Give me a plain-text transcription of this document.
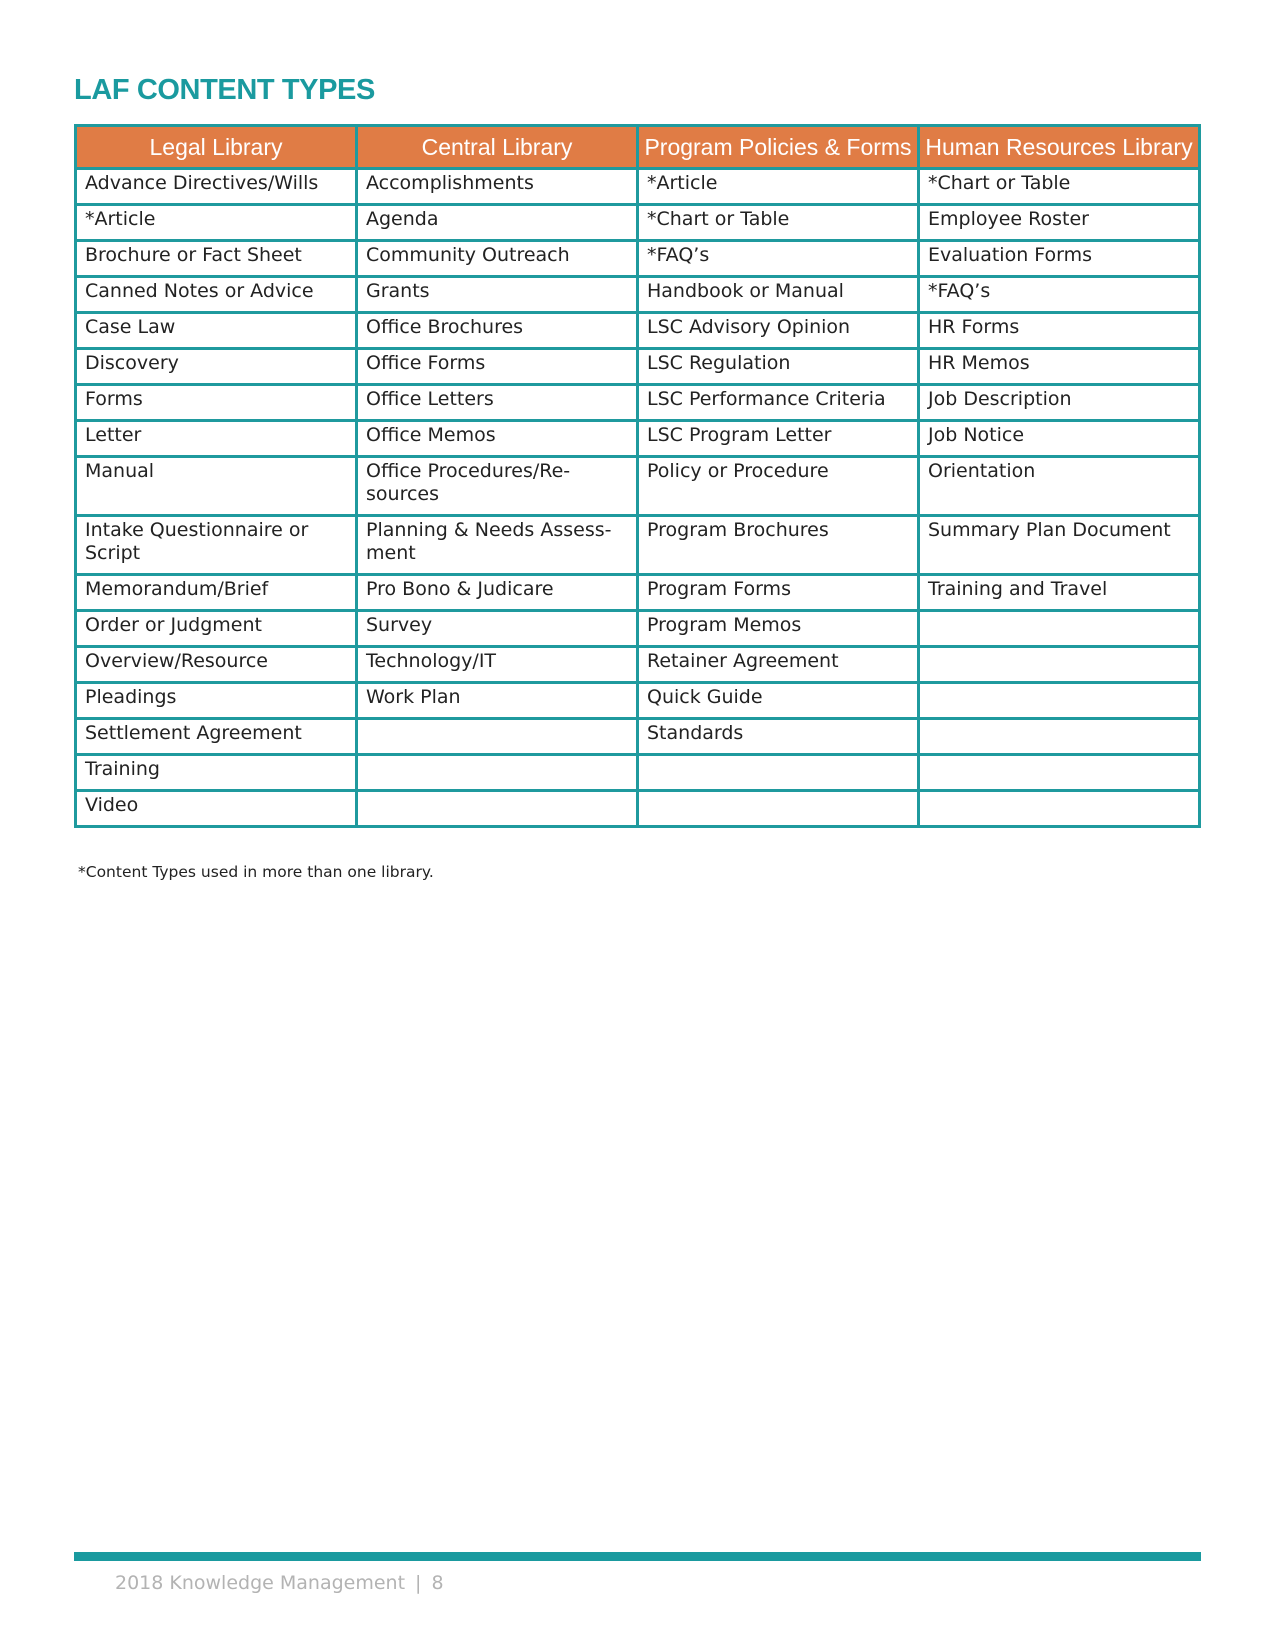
LAF CONTENT TYPES
Legal Library	Central Library	Program Policies & Forms	Human Resources Library
Advance Directives/Wills	Accomplishments	*Article	*Chart or Table
*Article	Agenda	*Chart or Table	Employee Roster
Brochure or Fact Sheet	Community Outreach	*FAQ’s	Evaluation Forms
Canned Notes or Advice	Grants	Handbook or Manual	*FAQ’s
Case Law	Office Brochures	LSC Advisory Opinion	HR Forms
Discovery	Office Forms	LSC Regulation	HR Memos
Forms	Office Letters	LSC Performance Criteria	Job Description
Letter	Office Memos	LSC Program Letter	Job Notice
Manual	Office Procedures/Re-sources	Policy or Procedure	Orientation
Intake Questionnaire or Script	Planning & Needs Assess-ment	Program Brochures	Summary Plan Document
Memorandum/Brief	Pro Bono & Judicare	Program Forms	Training and Travel
Order or Judgment	Survey	Program Memos	
Overview/Resource	Technology/IT	Retainer Agreement	
Pleadings	Work Plan	Quick Guide	
Settlement Agreement		Standards	
Training			
Video			

*Content Types used in more than one library.

2018 Knowledge Management | 8
